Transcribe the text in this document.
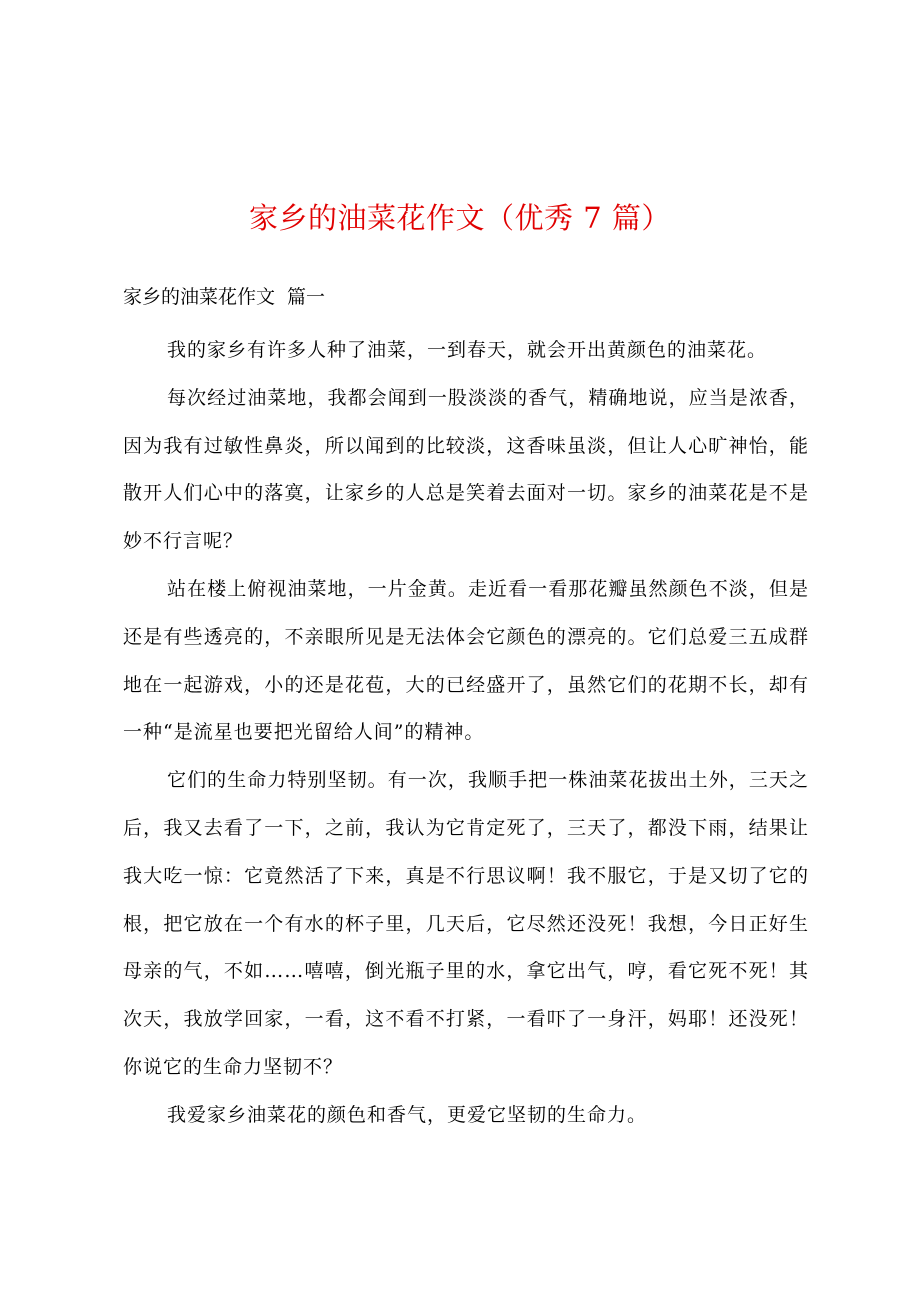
家乡的油菜花作文（优秀 7 篇）
家乡的油菜花作文 篇一

我的家乡有许多人种了油菜，一到春天，就会开出黄颜色的油菜花。

每次经过油菜地，我都会闻到一股淡淡的香气，精确地说，应当是浓香，因为我有过敏性鼻炎，所以闻到的比较淡，这香味虽淡，但让人心旷神怡，能散开人们心中的落寞，让家乡的人总是笑着去面对一切。家乡的油菜花是不是妙不行言呢？

站在楼上俯视油菜地，一片金黄。走近看一看那花瓣虽然颜色不淡，但是还是有些透亮的，不亲眼所见是无法体会它颜色的漂亮的。它们总爱三五成群地在一起游戏，小的还是花苞，大的已经盛开了，虽然它们的花期不长，却有一种“是流星也要把光留给人间”的精神。

它们的生命力特别坚韧。有一次，我顺手把一株油菜花拔出土外，三天之后，我又去看了一下，之前，我认为它肯定死了，三天了，都没下雨，结果让我大吃一惊：它竟然活了下来，真是不行思议啊！我不服它，于是又切了它的根，把它放在一个有水的杯子里，几天后，它尽然还没死！我想，今日正好生母亲的气，不如……嘻嘻，倒光瓶子里的水，拿它出气，哼，看它死不死！其次天，我放学回家，一看，这不看不打紧，一看吓了一身汗，妈耶！还没死！你说它的生命力坚韧不？

我爱家乡油菜花的颜色和香气，更爱它坚韧的生命力。
